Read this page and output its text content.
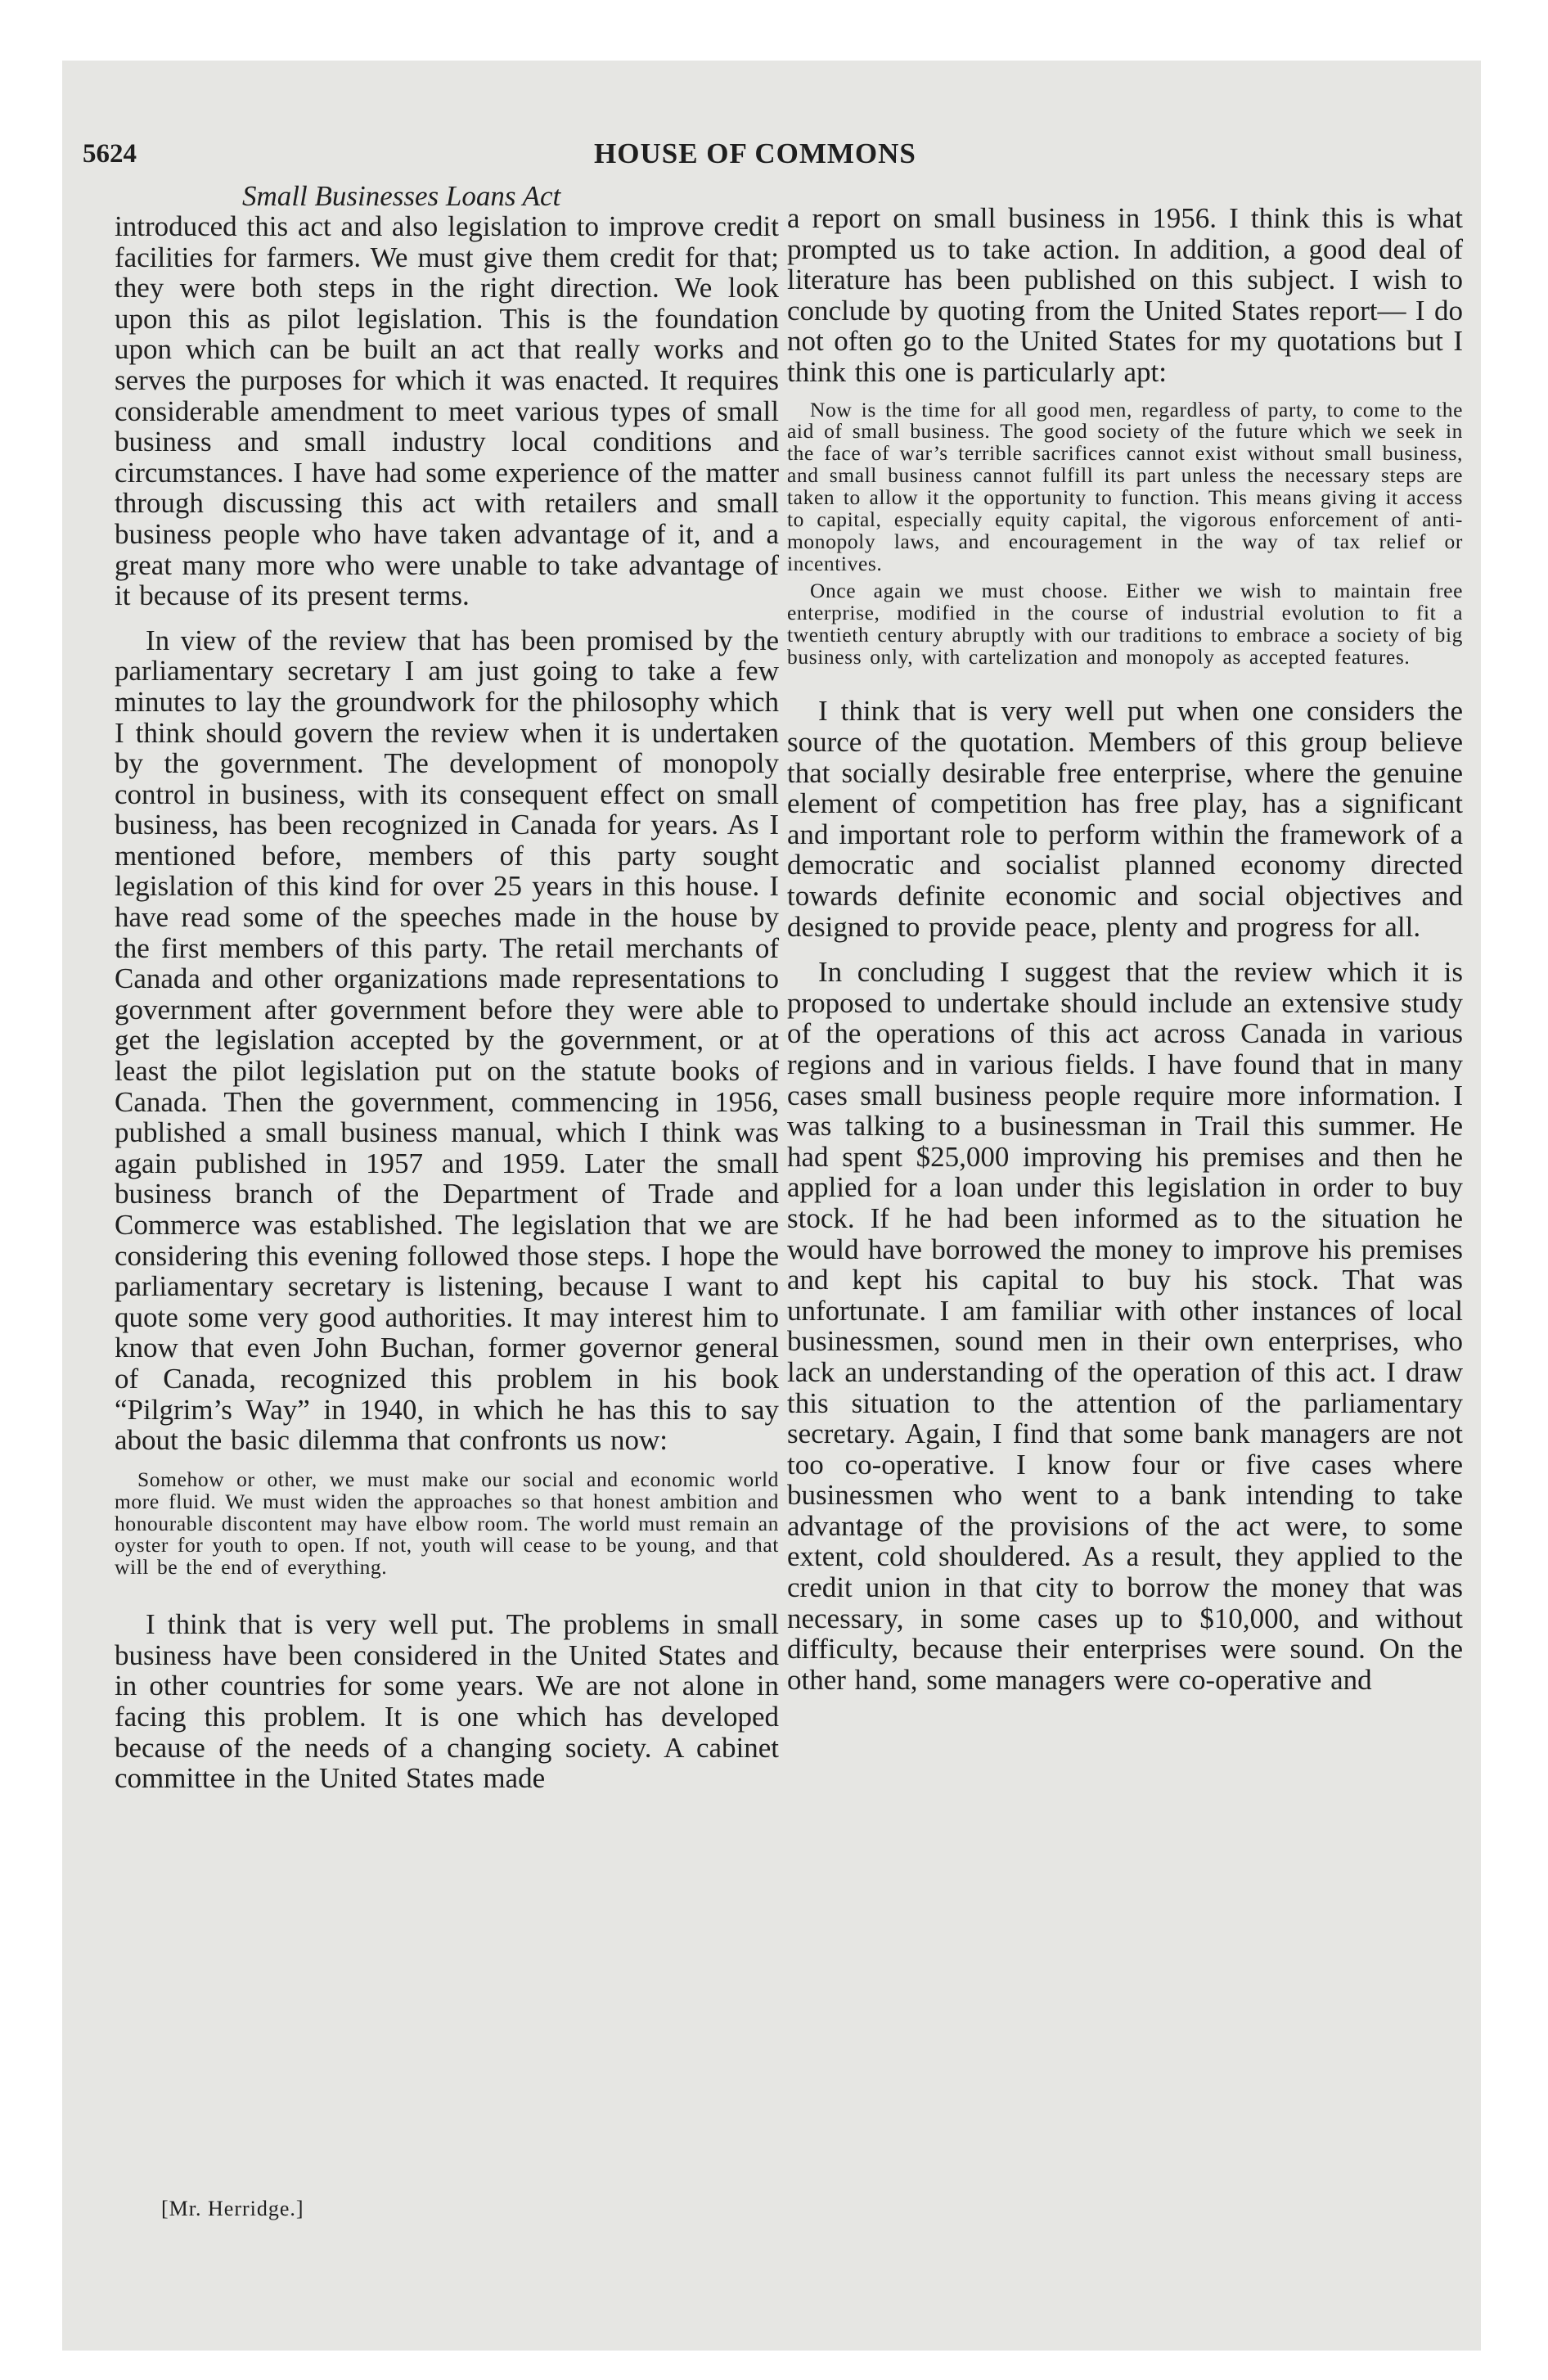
5624	HOUSE OF COMMONS
Small Businesses Loans Act

introduced this act and also legislation to improve credit facilities for farmers. We must give them credit for that; they were both steps in the right direction. We look upon this as pilot legislation. This is the foundation upon which can be built an act that really works and serves the purposes for which it was enacted. It requires considerable amendment to meet various types of small business and small industry local conditions and circumstances. I have had some experience of the matter through discussing this act with retailers and small business people who have taken advantage of it, and a great many more who were unable to take advantage of it because of its present terms.

In view of the review that has been promised by the parliamentary secretary I am just going to take a few minutes to lay the groundwork for the philosophy which I think should govern the review when it is undertaken by the government. The development of monopoly control in business, with its consequent effect on small business, has been recognized in Canada for years. As I mentioned before, members of this party sought legislation of this kind for over 25 years in this house. I have read some of the speeches made in the house by the first members of this party. The retail merchants of Canada and other organizations made representations to government after government before they were able to get the legislation accepted by the government, or at least the pilot legislation put on the statute books of Canada. Then the government, commencing in 1956, published a small business manual, which I think was again published in 1957 and 1959. Later the small business branch of the Department of Trade and Commerce was established. The legislation that we are considering this evening followed those steps. I hope the parliamentary secretary is listening, because I want to quote some very good authorities. It may interest him to know that even John Buchan, former governor general of Canada, recognized this problem in his book “Pilgrim’s Way” in 1940, in which he has this to say about the basic dilemma that confronts us now:

Somehow or other, we must make our social and economic world more fluid. We must widen the approaches so that honest ambition and honourable discontent may have elbow room. The world must remain an oyster for youth to open. If not, youth will cease to be young, and that will be the end of everything.

I think that is very well put. The problems in small business have been considered in the United States and in other countries for some years. We are not alone in facing this problem. It is one which has developed because of the needs of a changing society. A cabinet committee in the United States made

a report on small business in 1956. I think this is what prompted us to take action. In addition, a good deal of literature has been published on this subject. I wish to conclude by quoting from the United States report— I do not often go to the United States for my quotations but I think this one is particularly apt:

Now is the time for all good men, regardless of party, to come to the aid of small business. The good society of the future which we seek in the face of war’s terrible sacrifices cannot exist without small business, and small business cannot fulfill its part unless the necessary steps are taken to allow it the opportunity to function. This means giving it access to capital, especially equity capital, the vigorous enforcement of anti-monopoly laws, and encouragement in the way of tax relief or incentives.

Once again we must choose. Either we wish to maintain free enterprise, modified in the course of industrial evolution to fit a twentieth century abruptly with our traditions to embrace a society of big business only, with cartelization and monopoly as accepted features.

I think that is very well put when one considers the source of the quotation. Members of this group believe that socially desirable free enterprise, where the genuine element of competition has free play, has a significant and important role to perform within the framework of a democratic and socialist planned economy directed towards definite economic and social objectives and designed to provide peace, plenty and progress for all.

In concluding I suggest that the review which it is proposed to undertake should include an extensive study of the operations of this act across Canada in various regions and in various fields. I have found that in many cases small business people require more information. I was talking to a businessman in Trail this summer. He had spent $25,000 improving his premises and then he applied for a loan under this legislation in order to buy stock. If he had been informed as to the situation he would have borrowed the money to improve his premises and kept his capital to buy his stock. That was unfortunate. I am familiar with other instances of local businessmen, sound men in their own enterprises, who lack an understanding of the operation of this act. I draw this situation to the attention of the parliamentary secretary. Again, I find that some bank managers are not too co-operative. I know four or five cases where businessmen who went to a bank intending to take advantage of the provisions of the act were, to some extent, cold shouldered. As a result, they applied to the credit union in that city to borrow the money that was necessary, in some cases up to $10,000, and without difficulty, because their enterprises were sound. On the other hand, some managers were co-operative and

[Mr. Herridge.]
